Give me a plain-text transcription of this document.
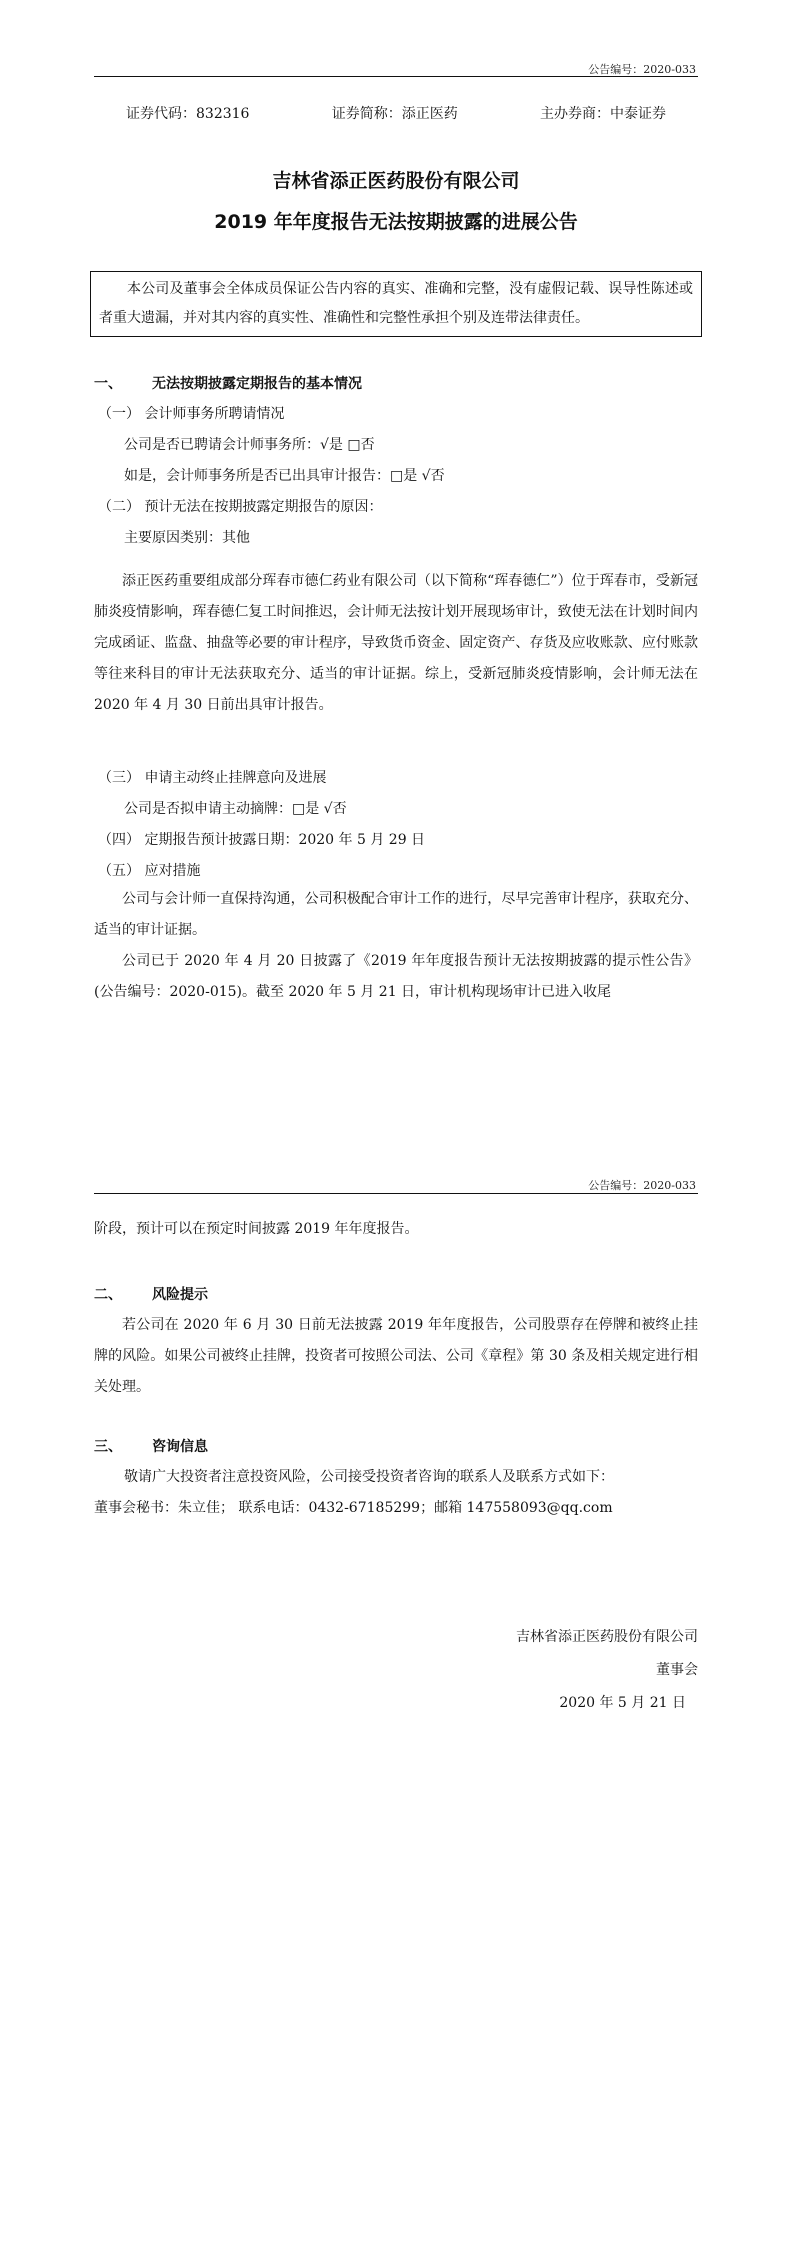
公告编号：2020-033
证券代码：832316	证券简称：添正医药	主办券商：中泰证券
吉林省添正医药股份有限公司
2019 年年度报告无法按期披露的进展公告
本公司及董事会全体成员保证公告内容的真实、准确和完整，没有虚假记载、误导性陈述或者重大遗漏，并对其内容的真实性、准确性和完整性承担个别及连带法律责任。
一、 无法按期披露定期报告的基本情况
（一） 会计师事务所聘请情况
公司是否已聘请会计师事务所：√是 □否
如是，会计师事务所是否已出具审计报告：□是 √否
（二） 预计无法在按期披露定期报告的原因：
主要原因类别：其他
添正医药重要组成部分珲春市德仁药业有限公司（以下简称“珲春德仁”）位于珲春市，受新冠肺炎疫情影响，珲春德仁复工时间推迟，会计师无法按计划开展现场审计，致使无法在计划时间内完成函证、监盘、抽盘等必要的审计程序，导致货币资金、固定资产、存货及应收账款、应付账款等往来科目的审计无法获取充分、适当的审计证据。综上，受新冠肺炎疫情影响，会计师无法在 2020 年 4 月 30 日前出具审计报告。
（三） 申请主动终止挂牌意向及进展
公司是否拟申请主动摘牌：□是 √否
（四） 定期报告预计披露日期：2020 年 5 月 29 日
（五） 应对措施
公司与会计师一直保持沟通，公司积极配合审计工作的进行，尽早完善审计程序，获取充分、适当的审计证据。
公司已于 2020 年 4 月 20 日披露了《2019 年年度报告预计无法按期披露的提示性公告》(公告编号：2020-015)。截至 2020 年 5 月 21 日，审计机构现场审计已进入收尾
公告编号：2020-033
阶段，预计可以在预定时间披露 2019 年年度报告。
二、 风险提示
若公司在 2020 年 6 月 30 日前无法披露 2019 年年度报告，公司股票存在停牌和被终止挂牌的风险。如果公司被终止挂牌，投资者可按照公司法、公司《章程》第 30 条及相关规定进行相关处理。
三、 咨询信息
敬请广大投资者注意投资风险，公司接受投资者咨询的联系人及联系方式如下：
董事会秘书：朱立佳； 联系电话：0432-67185299；邮箱 147558093@qq.com
吉林省添正医药股份有限公司
董事会
2020 年 5 月 21 日
